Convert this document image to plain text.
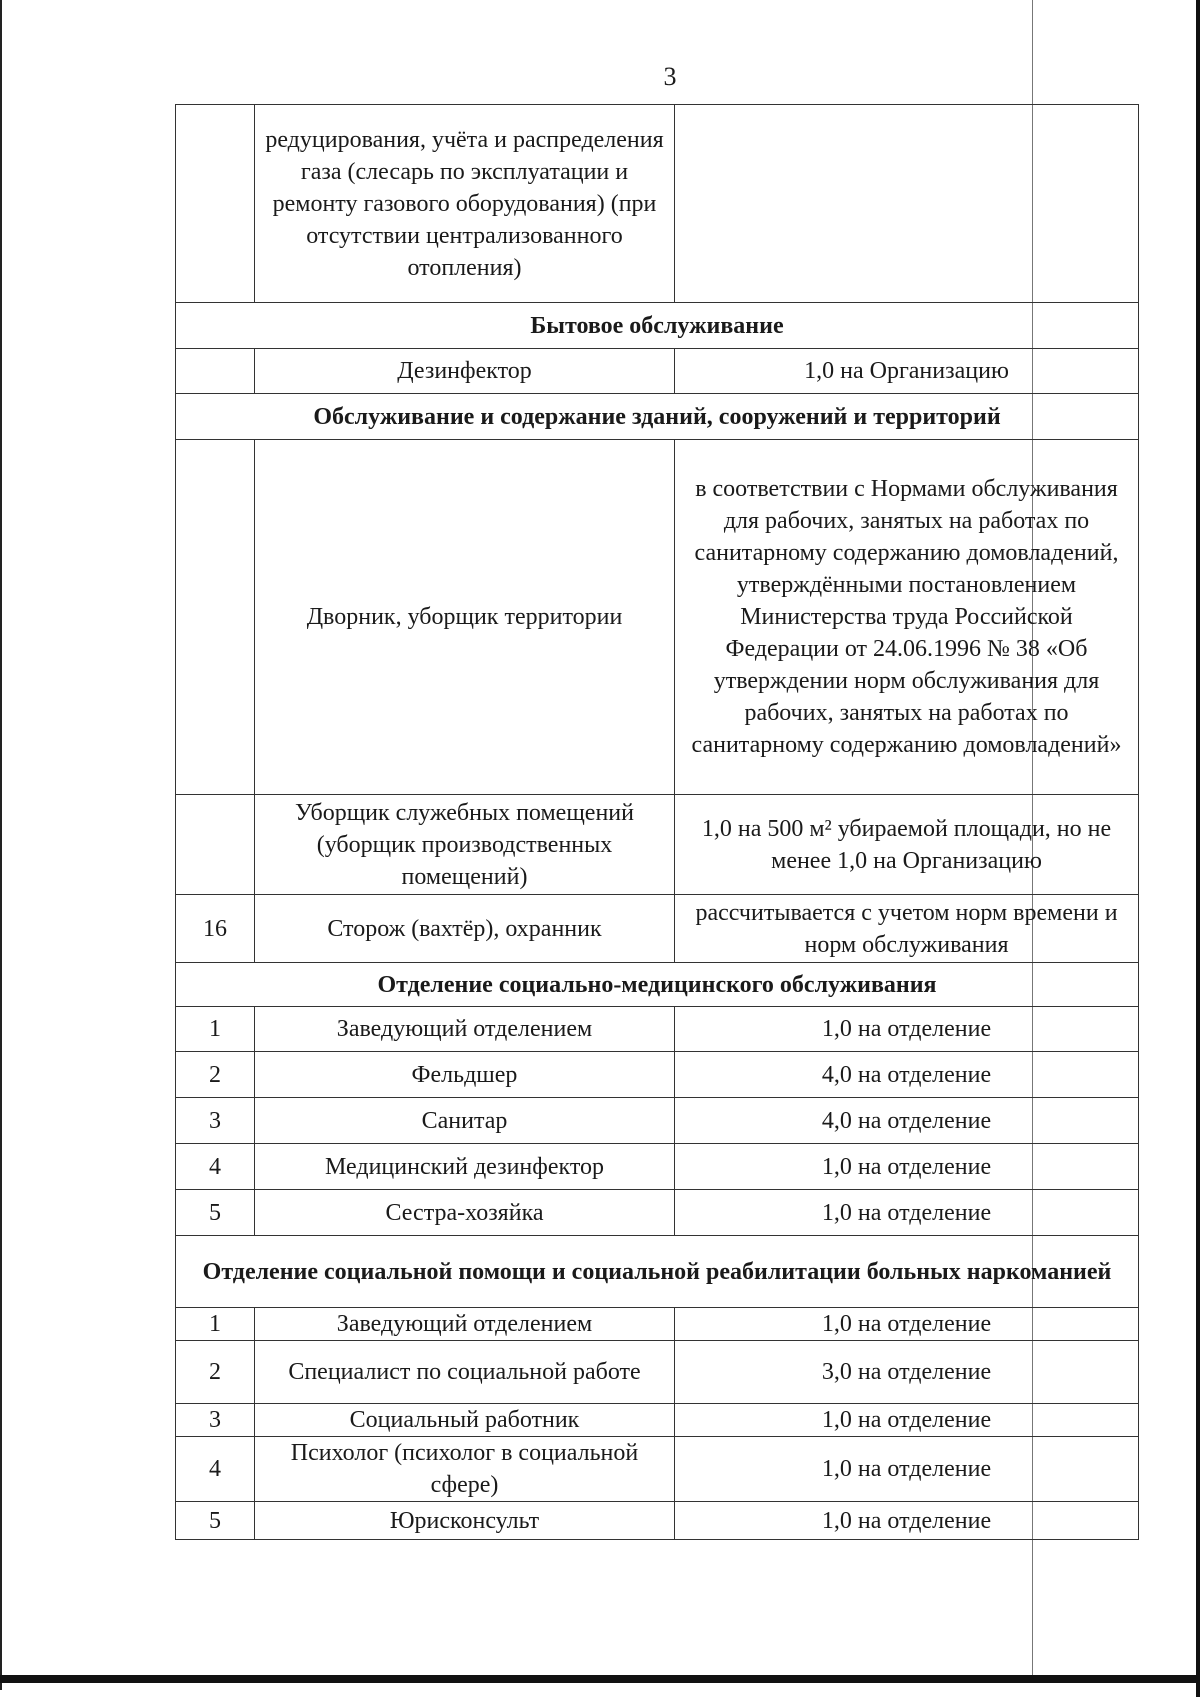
3
	редуцирования, учёта и распределения газа (слесарь по эксплуатации и ремонту газового оборудования) (при отсутствии централизованного отопления)	
Бытовое обслуживание		
	Дезинфектор	1,0 на Организацию
Обслуживание и содержание зданий, сооружений и территорий		
	Дворник, уборщик территории	в соответствии с Нормами обслуживания для рабочих, занятых на работах по санитарному содержанию домовладений, утверждёнными постановлением Министерства труда Российской Федерации от 24.06.1996 № 38 «Об утверждении норм обслуживания для рабочих, занятых на работах по санитарному содержанию домовладений»
	Уборщик служебных помещений (уборщик производственных помещений)	1,0 на 500 м² убираемой площади, но не менее 1,0 на Организацию
16	Сторож (вахтёр), охранник	рассчитывается с учетом норм времени и норм обслуживания
Отделение социально-медицинского обслуживания		
1	Заведующий отделением	1,0 на отделение
2	Фельдшер	4,0 на отделение
3	Санитар	4,0 на отделение
4	Медицинский дезинфектор	1,0 на отделение
5	Сестра-хозяйка	1,0 на отделение
Отделение социальной помощи и социальной реабилитации больных наркоманией		
1	Заведующий отделением	1,0 на отделение
2	Специалист по социальной работе	3,0 на отделение
3	Социальный работник	1,0 на отделение
4	Психолог (психолог в социальной сфере)	1,0 на отделение
5	Юрисконсульт	1,0 на отделение
